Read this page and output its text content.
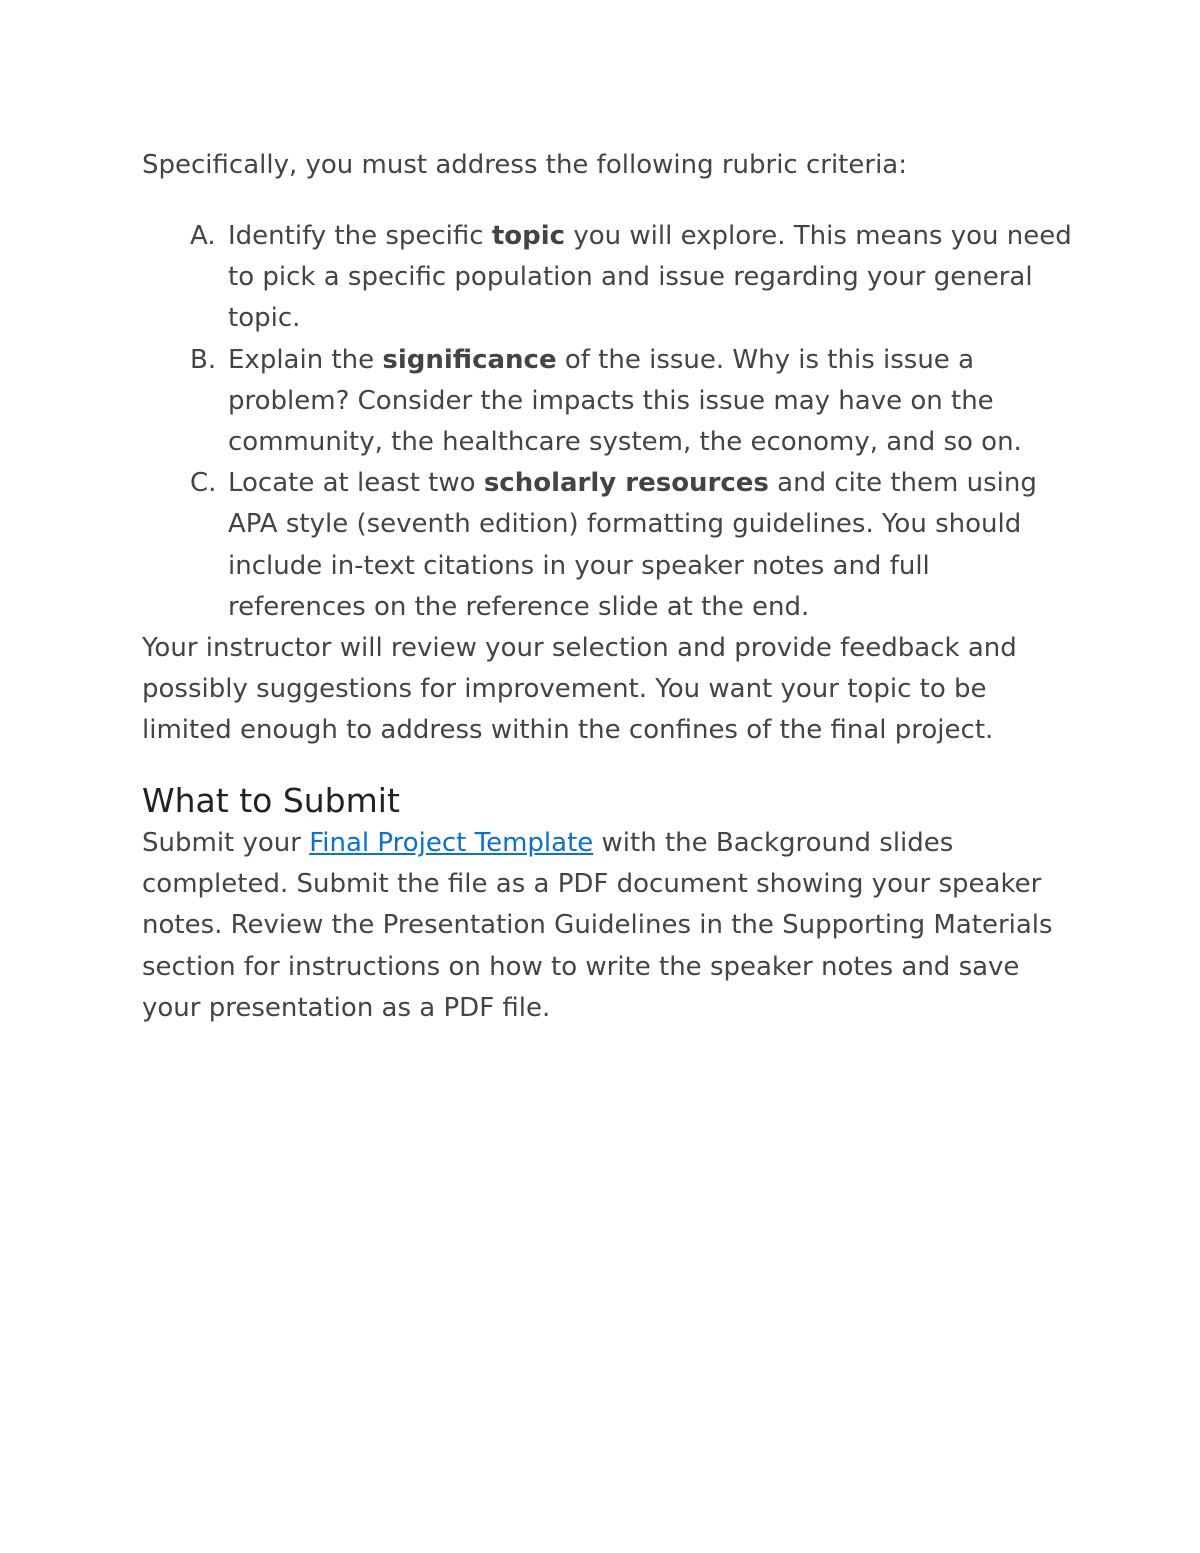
Specifically, you must address the following rubric criteria:

A. Identify the specific topic you will explore. This means you need to pick a specific population and issue regarding your general topic.
B. Explain the significance of the issue. Why is this issue a problem? Consider the impacts this issue may have on the community, the healthcare system, the economy, and so on.
C. Locate at least two scholarly resources and cite them using APA style (seventh edition) formatting guidelines. You should include in-text citations in your speaker notes and full references on the reference slide at the end.

Your instructor will review your selection and provide feedback and possibly suggestions for improvement. You want your topic to be limited enough to address within the confines of the final project.

What to Submit

Submit your Final Project Template with the Background slides completed. Submit the file as a PDF document showing your speaker notes. Review the Presentation Guidelines in the Supporting Materials section for instructions on how to write the speaker notes and save your presentation as a PDF file.
